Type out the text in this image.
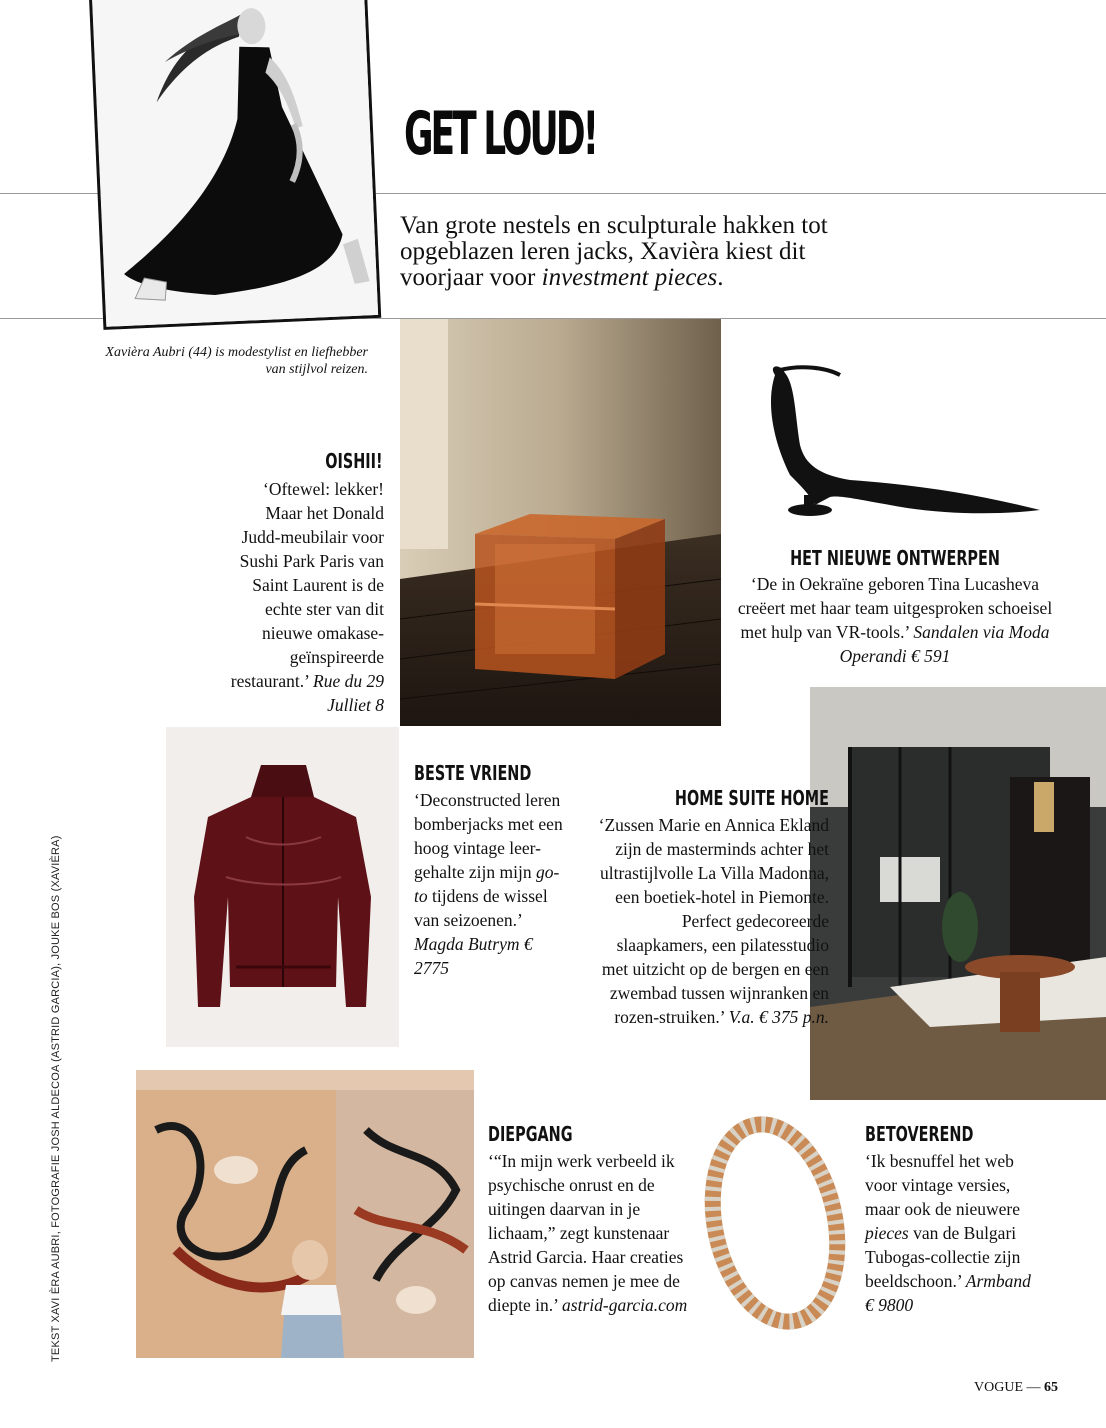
GET LOUD!
Van grote nestels en sculpturale hakken tot opgeblazen leren jacks, Xavièra kiest dit voorjaar voor investment pieces.
Xavièra Aubri (44) is modestylist en liefhebber van stijlvol reizen.
OISHII!
‘Oftewel: lekker! Maar het Donald Judd-meubilair voor Sushi Park Paris van Saint Laurent is de echte ster van dit nieuwe omakase-geïnspireerde restaurant.’ Rue du 29 Julliet 8
HET NIEUWE ONTWERPEN
‘De in Oekraïne geboren Tina Lucasheva creëert met haar team uitgesproken schoeisel met hulp van VR-tools.’ Sandalen via Moda Operandi € 591
BESTE VRIEND
‘Deconstructed leren bomberjacks met een hoog vintage leer-gehalte zijn mijn go-to tijdens de wissel van seizoenen.’ Magda Butrym € 2775
HOME SUITE HOME
‘Zussen Marie en Annica Ekland zijn de masterminds achter het ultrastijlvolle La Villa Madonna, een boetiek-hotel in Piemonte. Perfect gedecoreerde slaapkamers, een pilatesstudio met uitzicht op de bergen en een zwembad tussen wijnranken en rozen-struiken.’ V.a. € 375 p.n.
DIEPGANG
‘“In mijn werk verbeeld ik psychische onrust en de uitingen daarvan in je lichaam,” zegt kunstenaar Astrid Garcia. Haar creaties op canvas nemen je mee de diepte in.’ astrid-garcia.com
BETOVEREND
‘Ik besnuffel het web voor vintage versies, maar ook de nieuwere pieces van de Bulgari Tubogas-collectie zijn beeldschoon.’ Armband € 9800
TEKST XAVI ÈRA AUBRI, FOTOGRAFIE JOSH ALDECOA (ASTRID GARCIA), JOUKE BOS (XAVIÈRA)
VOGUE — 65
